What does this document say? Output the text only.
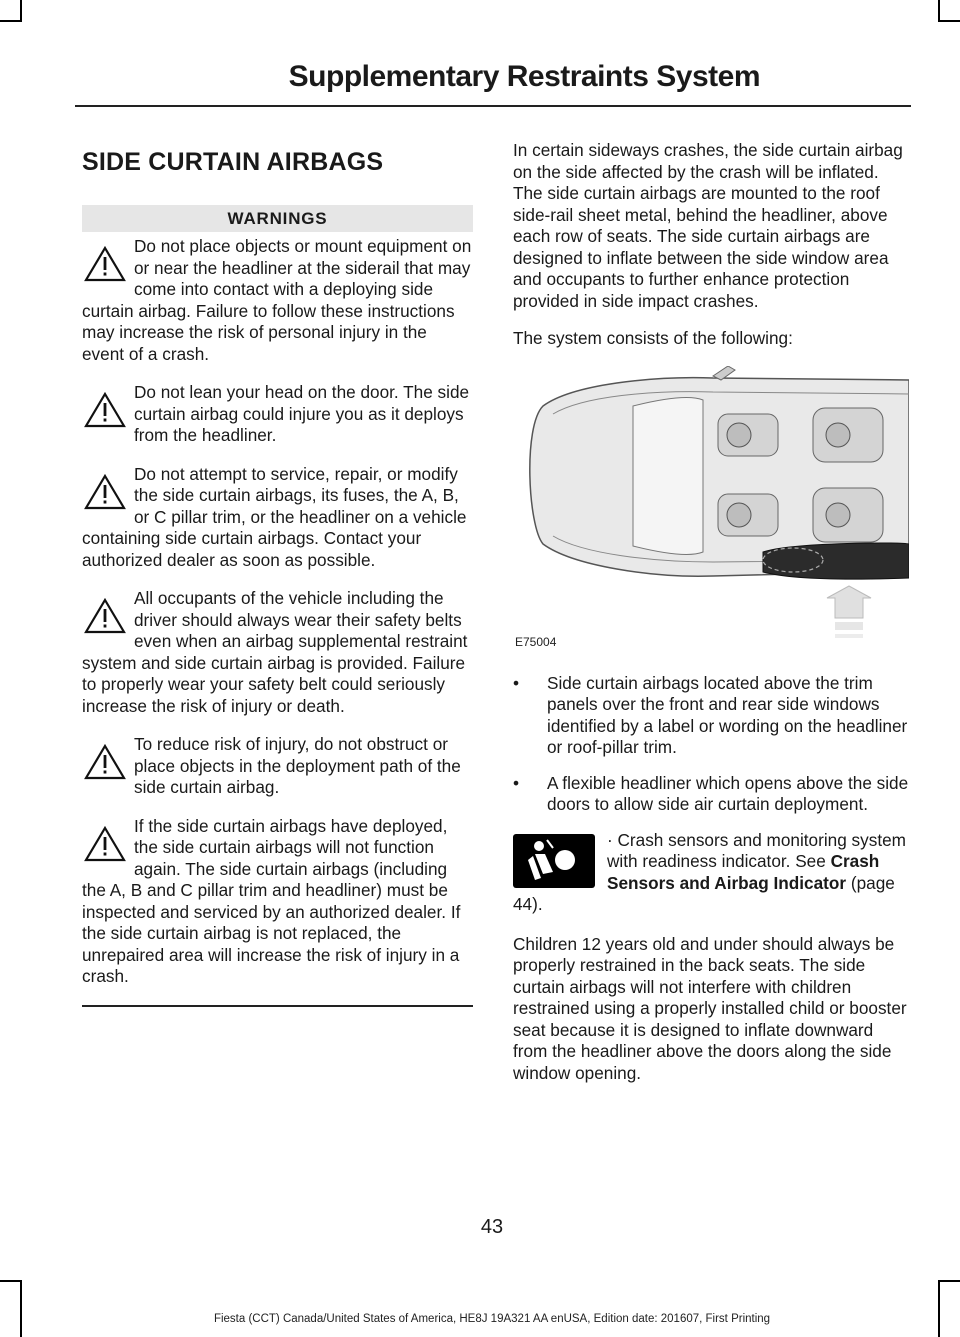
Supplementary Restraints System
SIDE CURTAIN AIRBAGS
WARNINGS
Do not place objects or mount equipment on or near the headliner at the siderail that may come into contact with a deploying side curtain airbag. Failure to follow these instructions may increase the risk of personal injury in the event of a crash.
Do not lean your head on the door. The side curtain airbag could injure you as it deploys from the headliner.
Do not attempt to service, repair, or modify the side curtain airbags, its fuses, the A, B, or C pillar trim, or the headliner on a vehicle containing side curtain airbags. Contact your authorized dealer as soon as possible.
All occupants of the vehicle including the driver should always wear their safety belts even when an airbag supplemental restraint system and side curtain airbag is provided. Failure to properly wear your safety belt could seriously increase the risk of injury or death.
To reduce risk of injury, do not obstruct or place objects in the deployment path of the side curtain airbag.
If the side curtain airbags have deployed, the side curtain airbags will not function again. The side curtain airbags (including the A, B and C pillar trim and headliner) must be inspected and serviced by an authorized dealer. If the side curtain airbag is not replaced, the unrepaired area will increase the risk of injury in a crash.

In certain sideways crashes, the side curtain airbag on the side affected by the crash will be inflated. The side curtain airbags are mounted to the roof side-rail sheet metal, behind the headliner, above each row of seats. The side curtain airbags are designed to inflate between the side window area and occupants to further enhance protection provided in side impact crashes.

The system consists of the following:

E75004
• Side curtain airbags located above the trim panels over the front and rear side windows identified by a label or wording on the headliner or roof-pillar trim.
• A flexible headliner which opens above the side doors to allow side air curtain deployment.
· Crash sensors and monitoring system with readiness indicator. See Crash Sensors and Airbag Indicator (page 44).

Children 12 years old and under should always be properly restrained in the back seats. The side curtain airbags will not interfere with children restrained using a properly installed child or booster seat because it is designed to inflate downward from the headliner above the doors along the side window opening.

43
Fiesta (CCT) Canada/United States of America, HE8J 19A321 AA enUSA, Edition date: 201607, First Printing
